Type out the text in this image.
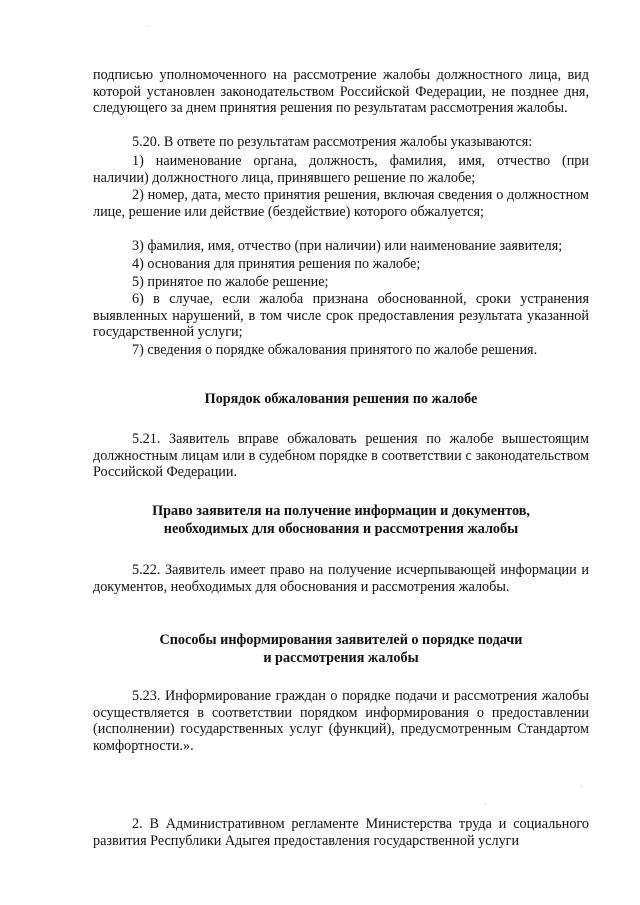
подписью уполномоченного на рассмотрение жалобы должностного лица, вид которой установлен законодательством Российской Федерации, не позднее дня, следующего за днем принятия решения по результатам рассмотрения жалобы.
5.20. В ответе по результатам рассмотрения жалобы указываются:
1) наименование органа, должность, фамилия, имя, отчество (при наличии) должностного лица, принявшего решение по жалобе;
2) номер, дата, место принятия решения, включая сведения о должностном лице, решение или действие (бездействие) которого обжалуется;
3) фамилия, имя, отчество (при наличии) или наименование заявителя;
4) основания для принятия решения по жалобе;
5) принятое по жалобе решение;
6) в случае, если жалоба признана обоснованной, сроки устранения выявленных нарушений, в том числе срок предоставления результата указанной государственной услуги;
7) сведения о порядке обжалования принятого по жалобе решения.
Порядок обжалования решения по жалобе
5.21. Заявитель вправе обжаловать решения по жалобе вышестоящим должностным лицам или в судебном порядке в соответствии с законодательством Российской Федерации.
Право заявителя на получение информации и документов,
необходимых для обоснования и рассмотрения жалобы
5.22. Заявитель имеет право на получение исчерпывающей информации и документов, необходимых для обоснования и рассмотрения жалобы.
Способы информирования заявителей о порядке подачи
и рассмотрения жалобы
5.23. Информирование граждан о порядке подачи и рассмотрения жалобы осуществляется в соответствии порядком информирования о предоставлении (исполнении) государственных услуг (функций), предусмотренным Стандартом комфортности.».
2. В Административном регламенте Министерства труда и социального развития Республики Адыгея предоставления государственной услуги
·
·
·
